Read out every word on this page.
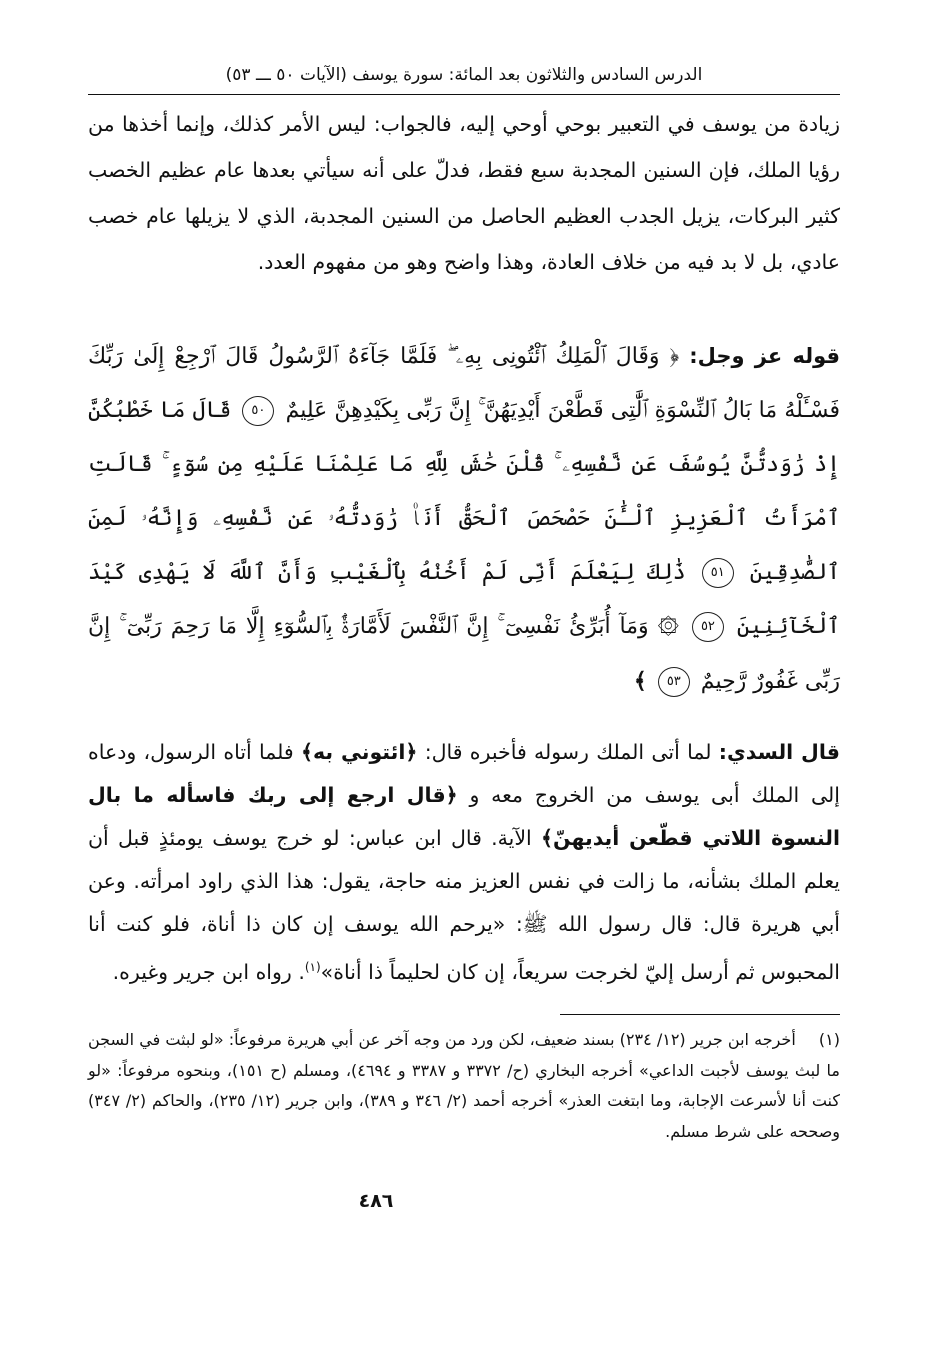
الدرس السادس والثلاثون بعد المائة: سورة يوسف (الآيات ٥٠ ـــ ٥٣)

زيادة من يوسف في التعبير بوحي أوحي إليه، فالجواب: ليس الأمر كذلك، وإنما أخذها من رؤيا الملك، فإن السنين المجدبة سبع فقط، فدلّ على أنه سيأتي بعدها عام عظيم الخصب كثير البركات، يزيل الجدب العظيم الحاصل من السنين المجدبة، الذي لا يزيلها عام خصب عادي، بل لا بد فيه من خلاف العادة، وهذا واضح وهو من مفهوم العدد.

قوله عز وجل: ﴿ وَقَالَ ٱلْمَلِكُ ٱئْتُونِى بِهِۦ ۖ فَلَمَّا جَآءَهُ ٱلرَّسُولُ قَالَ ٱرْجِعْ إِلَىٰ رَبِّكَ فَسْـَٔلْهُ مَا بَالُ ٱلنِّسْوَةِ ٱلَّٰتِى قَطَّعْنَ أَيْدِيَهُنَّ ۚ إِنَّ رَبِّى بِكَيْدِهِنَّ عَلِيمٌ ٥٠ قَالَ مَا خَطْبُكُنَّ إِذْ رَٰوَدتُّنَّ يُوسُفَ عَن نَّفْسِهِۦ ۚ قُلْنَ حَٰشَ لِلَّهِ مَا عَلِمْنَا عَلَيْهِ مِن سُوٓءٍ ۚ قَالَتِ ٱمْرَأَتُ ٱلْعَزِيزِ ٱلْـَٰٔنَ حَصْحَصَ ٱلْحَقُّ أَنَا۠ رَٰوَدتُّهُۥ عَن نَّفْسِهِۦ وَإِنَّهُۥ لَمِنَ ٱلصَّٰدِقِينَ ٥١ ذَٰلِكَ لِيَعْلَمَ أَنِّى لَمْ أَخُنْهُ بِٱلْغَيْبِ وَأَنَّ ٱللَّهَ لَا يَهْدِى كَيْدَ ٱلْخَآئِنِينَ ٥٢ ۞ وَمَآ أُبَرِّئُ نَفْسِىٓ ۚ إِنَّ ٱلنَّفْسَ لَأَمَّارَةٌۢ بِٱلسُّوٓءِ إِلَّا مَا رَحِمَ رَبِّىٓ ۚ إِنَّ رَبِّى غَفُورٌ رَّحِيمٌ ٥٣ ﴾

قال السدي: لما أتى الملك رسوله فأخبره قال: ﴿ائتوني به﴾ فلما أتاه الرسول، ودعاه إلى الملك أبى يوسف من الخروج معه و ﴿قال ارجع إلى ربك فاسأله ما بال النسوة اللاتي قطّعن أيديهنّ﴾ الآية. قال ابن عباس: لو خرج يوسف يومئذٍ قبل أن يعلم الملك بشأنه، ما زالت في نفس العزيز منه حاجة، يقول: هذا الذي راود امرأته. وعن أبي هريرة قال: قال رسول الله ﷺ: «يرحم الله يوسف إن كان ذا أناة، فلو كنت أنا المحبوس ثم أرسل إليّ لخرجت سريعاً، إن كان لحليماً ذا أناة»$^{(١)}$. رواه ابن جرير وغيره.

(١) أخرجه ابن جرير (١٢/ ٢٣٤) بسند ضعيف، لكن ورد من وجه آخر عن أبي هريرة مرفوعاً: «لو لبثت في السجن ما لبث يوسف لأجبت الداعي» أخرجه البخاري (ح/ ٣٣٧٢ و ٣٣٨٧ و ٤٦٩٤)، ومسلم (ح ١٥١)، وبنحوه مرفوعاً: «لو كنت أنا لأسرعت الإجابة، وما ابتغت العذر» أخرجه أحمد (٢/ ٣٤٦ و ٣٨٩)، وابن جرير (١٢/ ٢٣٥)، والحاكم (٢/ ٣٤٧) وصححه على شرط مسلم.
٤٨٦
